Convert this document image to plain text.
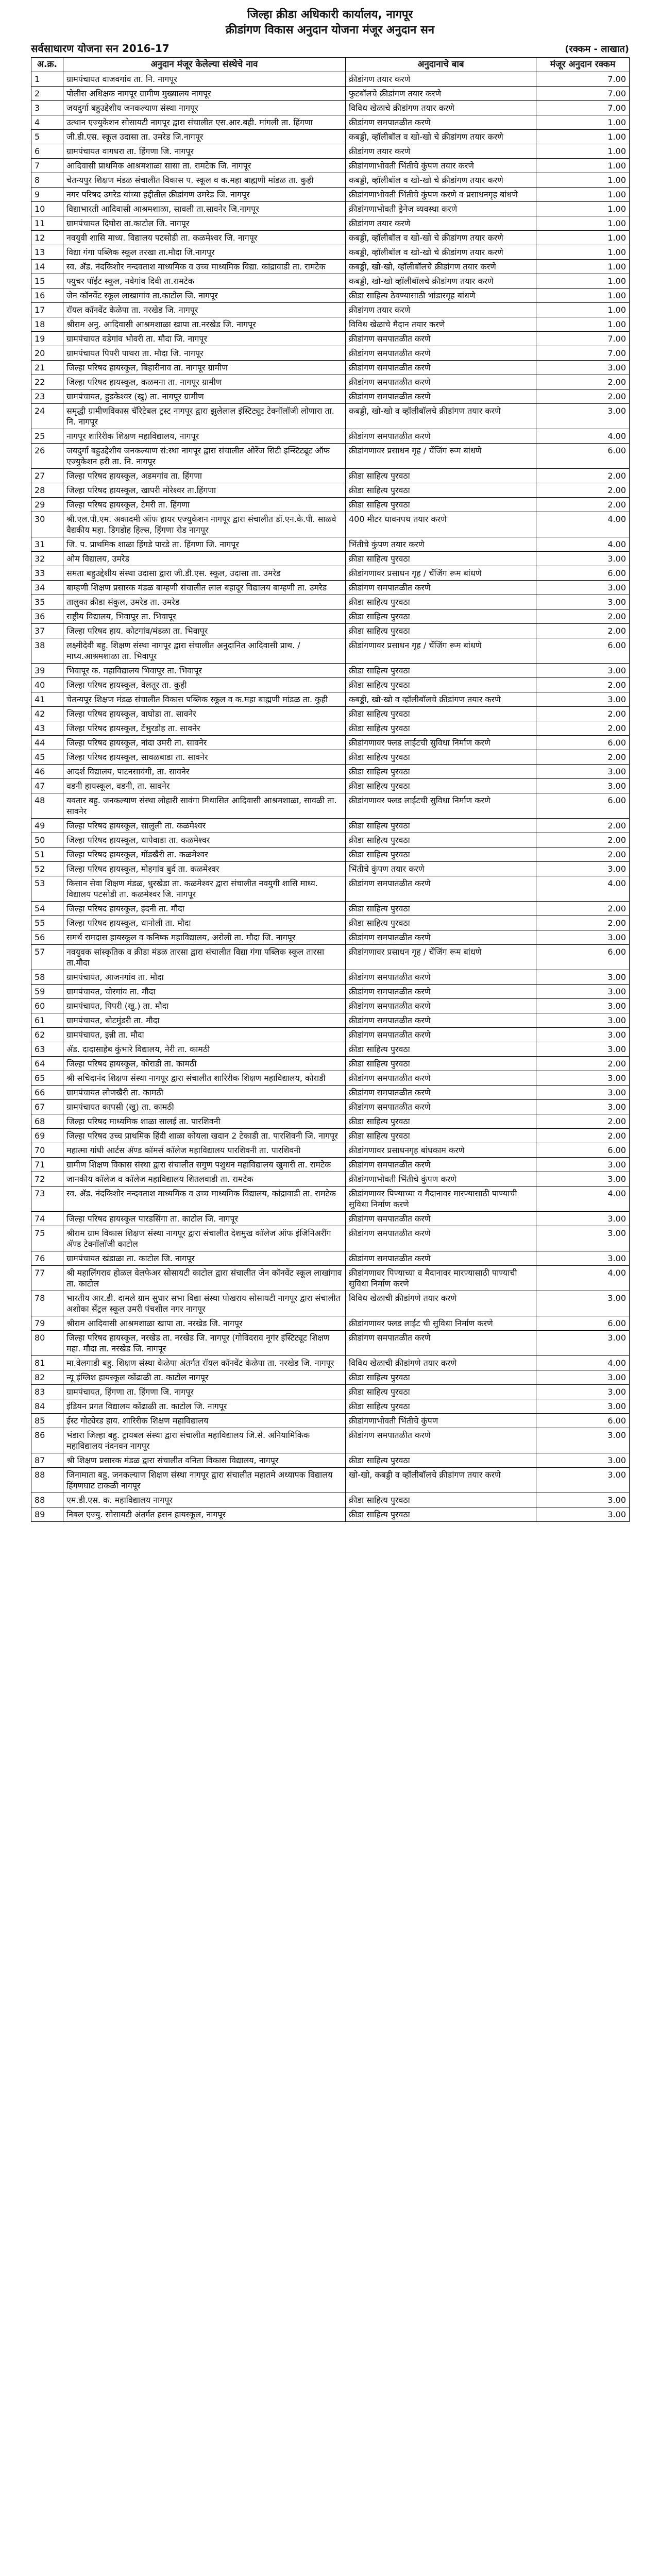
जिल्हा क्रीडा अधिकारी कार्यालय, नागपूर
क्रीडांगण विकास अनुदान योजना मंजूर अनुदान सन
सर्वसाधारण योजना सन 2016-17	(रक्कम - लाखात)
अ.क्र.	अनुदान मंजूर केलेल्या संस्थेचे नाव	अनुदानाचे बाब	मंजूर अनुदान रक्कम
1	ग्रामपंचायत वाजवगांव ता. नि. नागपूर	क्रीडांगण तयार करणे	7.00
2	पोलीस अधिक्षक नागपूर ग्रामीण मुख्यालय नागपूर	फुटबॉलचे क्रीडांगण तयार करणे	7.00
3	जयदुर्गा बहुउद्देशीय जनकल्याण संस्था नागपूर	विविध खेळाचे क्रीडांगण तयार करणे	7.00
4	उत्थान एज्युकेशन सोसायटी नागपूर द्वारा संचालीत एस.आर.बही. मांगली ता. हिंगणा	क्रीडांगण समपातळीत करणे	1.00
5	जी.डी.एस. स्कूल उदासा ता. उमरेड जि.नागपूर	कबड्डी, व्हॉलीबॉल व खो-खो चे क्रीडांगण तयार करणे	1.00
6	ग्रामपंचायत वागधरा ता. हिंगणा जि. नागपूर	क्रीडांगण तयार करणे	1.00
7	आदिवासी प्राथमिक आश्रमशाळा सासा ता. रामटेक जि. नागपूर	क्रीडांगणाभोवती भिंतीचे कुंपण तयार करणे	1.00
8	चेतन्यपुर शिक्षण मंडळ संचालीत विकास प. स्कूल व क.महा बाह्मणी मांडळ ता. कुही	कबड्डी, व्हॉलीबॉल व खो-खो चे क्रीडांगण तयार करणे	1.00
9	नगर परिषद उमरेड यांच्या हद्दीतील क्रीडांगण उमरेड जि. नागपूर	क्रीडांगणाभोवती भिंतीचे कुंपण करणे व प्रसाधनगृह बांधणे	1.00
10	विद्याभारती आदिवासी आश्रमशाळा, सावली ता.सावनेर जि.नागपूर	क्रीडांगणाभोवती ड्रेनेज व्यवस्था करणे	1.00
11	ग्रामपंचायत दिघोरा ता.काटोल जि. नागपूर	क्रीडांगण तयार करणे	1.00
12	नवयुवी शासि माध्य. विद्यालय पटसोडी ता. कळमेश्वर जि. नागपूर	कबड्डी, व्हॉलीबॉल व खो-खो चे क्रीडांगण तयार करणे	1.00
13	विद्या गंगा पब्लिक स्कूल तरखा ता.मौदा जि.नागपूर	कबड्डी, व्हॉलीबॉल व खो-खो चे क्रीडांगण तयार करणे	1.00
14	स्व. ॲड. नंदकिशोर नन्दवताश माध्यमिक व उच्च माध्यमिक विद्या. कांद्रावाडी ता. रामटेक	कबड्डी, खो-खो, व्हॉलीबॉलचे क्रीडांगण तयार करणे	1.00
15	फ्युचर पॉईंट स्कूल, नवेगांव दिवी ता.रामटेक	कबड्डी, खो-खो व्हॉलीबॉलचे क्रीडांगण तयार करणे	1.00
16	जेन कॉनवेंट स्कूल लाखागांव ता.काटोल जि. नागपूर	क्रीडा साहित्य ठेवण्यासाठी भांडारगृह बांधणे	1.00
17	रॉयल कॉनवेंट केळेपा ता. नरखेड जि. नागपूर	क्रीडांगण तयार करणे	1.00
18	श्रीराम अनु. आदिवासी आश्रमशाळा खापा ता.नरखेड जि. नागपूर	विविध खेळाचे मैदान तयार करणे	1.00
19	ग्रामपंचायत वडेगांव भोवरी ता. मौदा जि. नागपूर	क्रीडांगण समपातळीत करणे	7.00
20	ग्रामपंचायत पिपरी पाथरा ता. मौदा जि. नागपूर	क्रीडांगण समपातळीत करणे	7.00
21	जिल्हा परिषद हायस्कूल, बिहारीनाव ता. नागपूर ग्रामीण	क्रीडांगण समपातळीत करणे	3.00
22	जिल्हा परिषद हायस्कूल, कळमना ता. नागपूर ग्रामीण	क्रीडांगण समपातळीत करणे	2.00
23	ग्रामपंचायत, हुडकेश्वर (खु) ता. नागपूर ग्रामीण	क्रीडांगण समपातळीत करणे	2.00
24	समृद्धी ग्रामीणविकास चॅरिटेबल ट्रस्ट नागपूर द्वारा झुलेलाल इंस्टिट्यूट टेक्नॉलॉजी लोणारा ता. नि. नागपूर	कबड्डी, खो-खो व व्हॉलीबॉलचे क्रीडांगण तयार करणे	3.00
25	नागपूर शारिरीक शिक्षण महाविद्यालय, नागपूर	क्रीडांगण समपातळीत करणे	4.00
26	जयदुर्गा बहुउद्देशीय जनकल्याण सं:स्था नागपूर द्वारा संचालीत ओरेंज सिटी इन्स्टिट्यूट ऑफ एज्युकेशन हरी ता. नि. नागपूर	क्रीडांगणावर प्रसाधन गृह / चेंजिंग रूम बांधणे	6.00
27	जिल्हा परिषद हायस्कूल, अडमगांव ता. हिंगणा	क्रीडा साहित्य पुरवठा	2.00
28	जिल्हा परिषद हायस्कूल, खापरी मोरेश्वर ता.हिंगणा	क्रीडा साहित्य पुरवठा	2.00
29	जिल्हा परिषद हायस्कूल, टेमरी ता. हिंगणा	क्रीडा साहित्य पुरवठा	2.00
30	श्री.एल.पी.एम. अकादमी ऑफ हायर एज्युकेशन नागपूर द्वारा संचालीत डॉ.एन.के.पी. साळवे वैद्यकीय महा. डिगडोह हिल्स, हिंगणा रोड नागपूर	400 मीटर धावनपथ तयार करणे	4.00
31	जि. प. प्राथमिक शाळा हिंगडे पारडे ता. हिंगणा जि. नागपूर	भिंतीचे कुंपण तयार करणे	4.00
32	ओम विद्यालय, उमरेड	क्रीडा साहित्य पुरवठा	3.00
33	समता बहुउद्देशीय संस्था उदासा द्वारा जी.डी.एस. स्कूल, उदासा ता. उमरेड	क्रीडांगणावर प्रसाधन गृह / चेंजिंग रूम बांधणे	6.00
34	बाम्हणी शिक्षण प्रसारक मंडळ बाम्हणी संचालीत लाल बहादूर विद्यालय बाम्हणी ता. उमरेड	क्रीडांगण समपातळीत करणे	3.00
35	तालुका क्रीडा संकुल, उमरेड ता. उमरेड	क्रीडा साहित्य पुरवठा	3.00
36	राष्ट्रीय विद्यालय, भिवापूर ता. भिवापूर	क्रीडा साहित्य पुरवठा	2.00
37	जिल्हा परिषद हाय. कोटगांव/मंडळा ता. भिवापूर	क्रीडा साहित्य पुरवठा	2.00
38	लक्ष्मीदेवी बहु. शिक्षण संस्था नागपूर द्वारा संचालीत अनुदानित आदिवासी प्राथ. / माध्य.आश्रमशाळा ता. भिवापूर	क्रीडांगणावर प्रसाधन गृह / चेंजिंग रूम बांधणे	6.00
39	भिवापूर क. महाविद्यालय भिवापूर ता. भिवापूर	क्रीडा साहित्य पुरवठा	3.00
40	जिल्हा परिषद हायस्कूल, वेलतूर ता. कुही	क्रीडा साहित्य पुरवठा	2.00
41	चेतन्यपूर शिक्षण मंडळ संचालीत विकास पब्लिक स्कूल व क.महा बाह्मणी मांडळ ता. कुही	कबड्डी, खो-खो व व्हॉलीबॉलचे क्रीडांगण तयार करणे	3.00
42	जिल्हा परिषद हायस्कूल, वाघोडा ता. सावनेर	क्रीडा साहित्य पुरवठा	2.00
43	जिल्हा परिषद हायस्कूल, टेंभुरडोह ता. सावनेर	क्रीडा साहित्य पुरवठा	2.00
44	जिल्हा परिषद हायस्कूल, नांदा उमरी ता. सावनेर	क्रीडांगणावर फ्लड लाईटची सुविधा निर्माण करणे	6.00
45	जिल्हा परिषद हायस्कूल, सावळबाडा ता. सावनेर	क्रीडा साहित्य पुरवठा	2.00
46	आदर्श विद्यालय, पाटनसावंगी, ता. सावनेर	क्रीडा साहित्य पुरवठा	3.00
47	वडनी हायस्कूल, वडनी, ता. सावनेर	क्रीडा साहित्य पुरवठा	3.00
48	यवतार बहु. जनकल्याण संस्था लोहारी सावंगा मिथासित आदिवासी आश्रमशाळा, सावळी ता. सावनेर	क्रीडांगणावर फ्लड लाईटची सुविधा निर्माण करणे	6.00
49	जिल्हा परिषद हायस्कूल, सालुली ता. कळमेश्वर	क्रीडा साहित्य पुरवठा	2.00
50	जिल्हा परिषद हायस्कूल, धापेवाडा ता. कळमेश्वर	क्रीडा साहित्य पुरवठा	2.00
51	जिल्हा परिषद हायस्कूल, गोंडखैरी ता. कळमेश्वर	क्रीडा साहित्य पुरवठा	2.00
52	जिल्हा परिषद हायस्कूल, मोहगांव बुर्द ता. कळमेश्वर	भिंतीचे कुंपण तयार करणे	3.00
53	किसान सेवा शिक्षण मंडळ, धुरखेडा ता. कळमेश्वर द्वारा संचालीत नवयुगी शासि माध्य. विद्यालय पटसोडी ता. कळमेश्वर जि. नागपूर	क्रीडांगण समपातळीत करणे	4.00
54	जिल्हा परिषद हायस्कूल, इंदनी ता. मौदा	क्रीडा साहित्य पुरवठा	2.00
55	जिल्हा परिषद हायस्कूल, धानोली ता. मौदा	क्रीडा साहित्य पुरवठा	2.00
56	समर्थ रामदास हायस्कूल व कनिष्क महाविद्यालय, अरोली ता. मौदा जि. नागपूर	क्रीडांगण समपातळीत करणे	3.00
57	नवयुवक सांस्कृतिक व क्रीडा मंडळ तारसा द्वारा संचालीत विद्या गंगा पब्लिक स्कूल तारसा ता.मौदा	क्रीडांगणावर प्रसाधन गृह / चेंजिंग रूम बांधणे	6.00
58	ग्रामपंचायत, आजनगांव ता. मौदा	क्रीडांगण समपातळीत करणे	3.00
59	ग्रामपंचायत, चोरगांव ता. मौदा	क्रीडांगण समपातळीत करणे	3.00
60	ग्रामपंचायत, पिपरी (खु.) ता. मौदा	क्रीडांगण समपातळीत करणे	3.00
61	ग्रामपंचायत, धोटमुंडरी ता. मौदा	क्रीडांगण समपातळीत करणे	3.00
62	ग्रामपंचायत, इन्नी ता. मौदा	क्रीडांगण समपातळीत करणे	3.00
63	ॲड. दादासाहेब कुंभारे विद्यालय, नेरी ता. कामठी	क्रीडा साहित्य पुरवठा	3.00
64	जिल्हा परिषद हायस्कूल, कोराडी ता. कामठी	क्रीडा साहित्य पुरवठा	2.00
65	श्री सचिदानंद शिक्षण संस्था नागपूर द्वारा संचालीत शारिरीक शिक्षण महाविद्यालय, कोराडी	क्रीडांगण समपातळीत करणे	3.00
66	ग्रामपंचायत लोणखैरी ता. कामठी	क्रीडांगण समपातळीत करणे	3.00
67	ग्रामपंचायत कापसी (खु) ता. कामठी	क्रीडांगण समपातळीत करणे	3.00
68	जिल्हा परिषद माध्यमिक शाळा सालई ता. पारशिवनी	क्रीडा साहित्य पुरवठा	2.00
69	जिल्हा परिषद उच्च प्राथमिक हिंदी शाळा कोयला खदान 2 टेकाडी ता. पारशिवनी जि. नागपूर	क्रीडा साहित्य पुरवठा	2.00
70	महात्मा गांधी आर्टस ॲण्ड कॉमर्स कॉलेज महाविद्यालय पारशिवनी ता. पारशिवनी	क्रीडांगणावर प्रसाधनगृह बांधकाम करणे	6.00
71	ग्रामीण शिक्षण विकास संस्था द्वारा संचालीत सगुण पशुधन महाविद्यालय खुमारी ता. रामटेक	क्रीडांगण समपातळीत करणे	3.00
72	जानकीय कॉलेज व कॉलेज महाविद्यालय शितलवाडी ता. रामटेक	क्रीडांगणाभोवती भिंतीचे कुंपण करणे	3.00
73	स्व. ॲड. नंदकिशोर नन्दवताश माध्यमिक व उच्च माध्यमिक विद्यालय, कांद्रावाडी ता. रामटेक	क्रीडांगणावर पिण्याच्या व मैदानावर मारण्यासाठी पाण्याची सुविधा निर्माण करणे	4.00
74	जिल्हा परिषद हायस्कूल पारडसिंगा ता. काटोल जि. नागपूर	क्रीडांगण समपातळीत करणे	3.00
75	श्रीराम ग्राम विकास शिक्षण संस्था नागपूर द्वारा संचालीत देशमुख कॉलेज ऑफ इंजिनिअरींग ॲण्ड टेक्नॉलॉजी काटोल	क्रीडांगण समपातळीत करणे	3.00
76	ग्रामपंचायत खंडाळा ता. काटोल जि. नागपूर	क्रीडांगण समपातळीत करणे	3.00
77	श्री महालिंगराव होळल वेलफेअर सोसायटी काटोल द्वारा संचालीत जेन कॉनवेंट स्कूल लाखांगाव ता. काटोल	क्रीडांगणावर पिण्याच्या व मैदानावर मारण्यासाठी पाण्याची सुविधा निर्माण करणे	4.00
78	भारतीय आर.डी. दामले ग्राम सुधार सभा विद्या संस्था पोखराय सोसायटी नागपूर द्वारा संचालीत अशोका सेंट्रल स्कूल उमरी पंचशील नगर नागपूर	विविध खेळाची क्रीडांगणे तयार करणे	3.00
79	श्रीराम आदिवासी आश्रमशाळा खापा ता. नरखेड जि. नागपूर	क्रीडांगणावर फ्लड लाईट ची सुविधा निर्माण करणे	6.00
80	जिल्हा परिषद हायस्कूल, नरखेड ता. नरखेड जि. नागपूर (गोविंदराव नूगंर इंस्टिट्यूट शिक्षण महा. मौदा ता. नरखेड जि. नागपूर	क्रीडांगण समपातळीत करणे	3.00
81	मा.वेलगाडी बहु. शिक्षण संस्था केळेपा अंतर्गत रॉयल कॉनवेंट केळेपा ता. नरखेड जि. नागपूर	विविध खेळाची क्रीडांगणे तयार करणे	4.00
82	न्यू इंग्लिश हायस्कूल कोंढाळी ता. काटोल नागपूर	क्रीडा साहित्य पुरवठा	3.00
83	ग्रामपंचायत, हिंगणा ता. हिंगणा जि. नागपूर	क्रीडा साहित्य पुरवठा	3.00
84	इंडियन प्रगत विद्यालय कोंढाळी ता. काटोल जि. नागपूर	क्रीडा साहित्य पुरवठा	3.00
85	ईस्ट गोट्येरड हाय. शारिरीक शिक्षण महाविद्यालय	क्रीडांगणाभोवती भिंतीचे कुंपण	6.00
86	भंडारा जिल्हा बहु. ट्रायबल संस्था द्वारा संचालीत महाविद्यालय जि.से. अनियामिकिक महाविद्यालय नंदनवन नागपूर	क्रीडांगण समपातळीत करणे	3.00
87	श्री शिक्षण प्रसारक मंडळ द्वारा संचालीत वनिता विकास विद्यालय, नागपूर	क्रीडा साहित्य पुरवठा	3.00
88	जिनामाता बहु. जनकल्याण शिक्षण संस्था नागपूर द्वारा संचालीत महातमे अध्यापक विद्यालय हिंगणघाट टाकळी नागपूर	खो-खो, कबड्डी व व्हॉलीबॉलचे क्रीडांगण तयार करणे	3.00
88	एम.डी.एस. क. महाविद्यालय नागपूर	क्रीडा साहित्य पुरवठा	3.00
89	निबल एज्यु. सोसायटी अंतर्गत हसन हायस्कूल, नागपूर	क्रीडा साहित्य पुरवठा	3.00
